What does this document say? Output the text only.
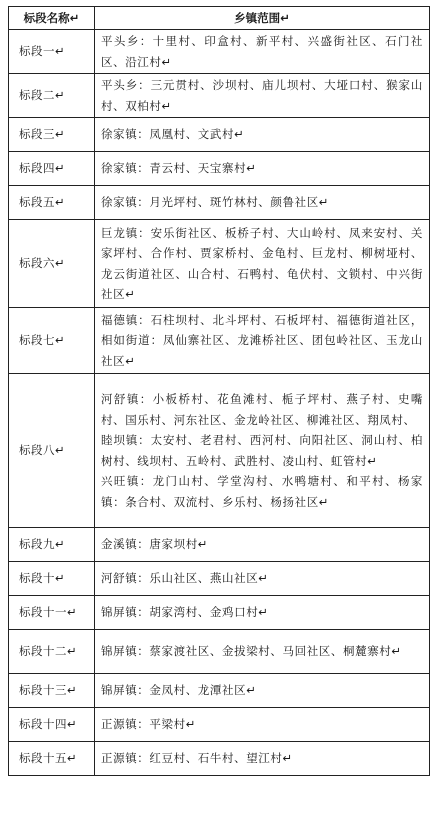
标段名称↵	乡镇范围↵
标段一↵	平头乡：十里村、印盒村、新平村、兴盛街社区、石门社区、沿江村↵

标段二↵	平头乡：三元贯村、沙坝村、庙儿坝村、大垭口村、猴家山村、双柏村↵

标段三↵	徐家镇：凤凰村、文武村↵

标段四↵	徐家镇：青云村、天宝寨村↵

标段五↵	徐家镇：月光坪村、斑竹林村、颜鲁社区↵

标段六↵	巨龙镇：安乐街社区、板桥子村、大山岭村、凤来安村、关家坪村、合作村、贾家桥村、金龟村、巨龙村、柳树垭村、龙云街道社区、山合村、石鸭村、龟伏村、文锁村、中兴街社区↵

标段七↵	福德镇：石柱坝村、北斗坪村、石板坪村、福德街道社区，相如街道：凤仙寨社区、龙滩桥社区、团包岭社区、玉龙山社区↵

标段八↵	河舒镇：小板桥村、花鱼滩村、栀子坪村、燕子村、史嘴村、国乐村、河东社区、金龙岭社区、柳滩社区、翔凤村、
睦坝镇：太安村、老君村、西河村、向阳社区、洞山村、柏树村、线坝村、五岭村、武胜村、凌山村、虹管村↵
兴旺镇：龙门山村、学堂沟村、水鸭塘村、和平村、杨家镇：条合村、双流村、乡乐村、杨扬社区↵

标段九↵	金溪镇：唐家坝村↵

标段十↵	河舒镇：乐山社区、燕山社区↵

标段十一↵	锦屏镇：胡家湾村、金鸡口村↵

标段十二↵	锦屏镇：蔡家渡社区、金拔梁村、马回社区、桐麓寨村↵

标段十三↵	锦屏镇：金凤村、龙潭社区↵

标段十四↵	正源镇：平梁村↵

标段十五↵	正源镇：红豆村、石牛村、望江村↵
